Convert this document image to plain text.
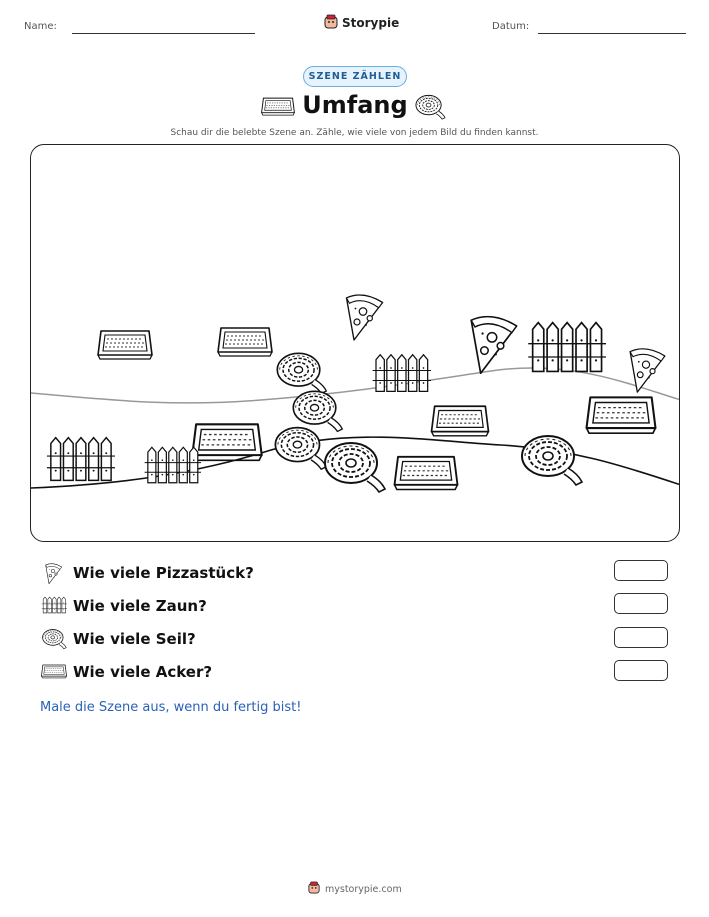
Name:	Storypie	Datum:
SZENE ZÄHLEN
Umfang
Schau dir die belebte Szene an. Zähle, wie viele von jedem Bild du finden kannst.
Wie viele Pizzastück?
Wie viele Zaun?
Wie viele Seil?
Wie viele Acker?
Male die Szene aus, wenn du fertig bist!
mystorypie.com
